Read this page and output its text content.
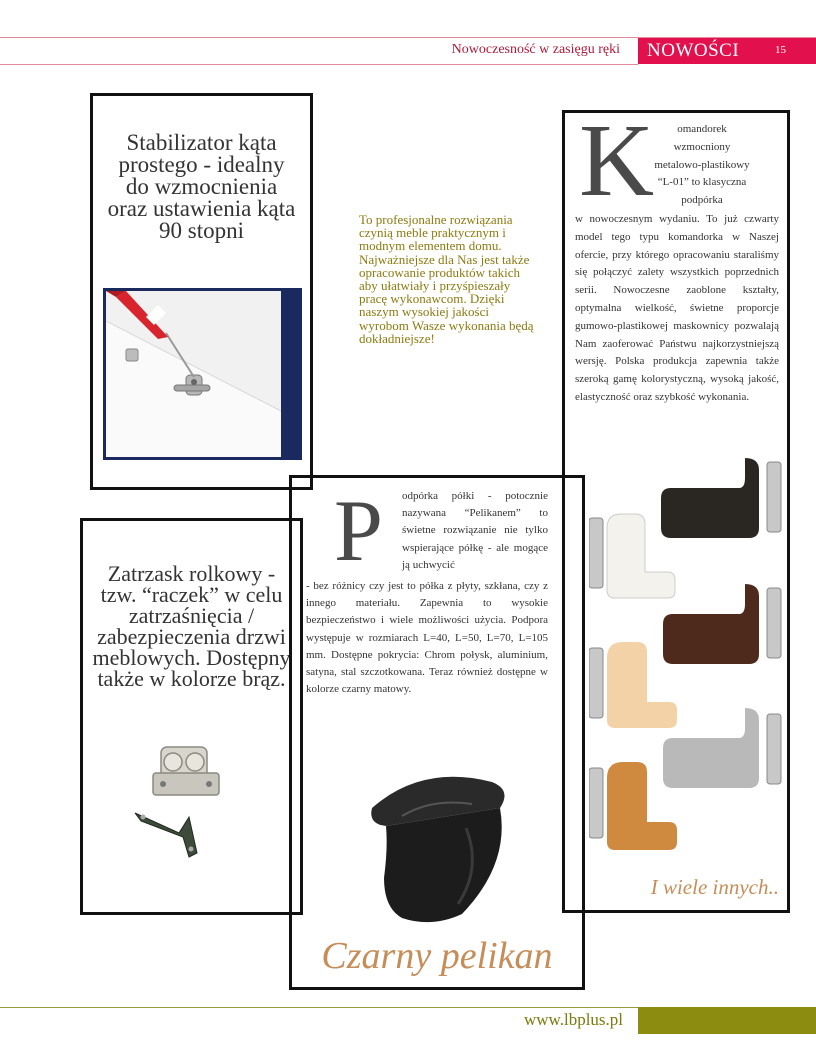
Nowoczesność w zasięgu ręki NOWOŚCI	15
Stabilizator kąta prostego - idealny do wzmocnienia oraz ustawienia kąta 90 stopni	To profesjonalne rozwiązania czynią meble praktycznym i modnym elementem domu. Najważniejsze dla Nas jest także opracowanie produktów takich aby ułatwiały i przyśpieszały pracę wykonawcom. Dzięki naszym wysokiej jakości wyrobom Wasze wykonania będą dokładniejsze!
Zatrzask rolkowy - tzw. “raczek” w celu zatrzaśnięcia / zabezpieczenia drzwi meblowych. Dostępny także w kolorze brąz.
P odpórka półki - potocznie nazywana “Pelikanem” to świetne rozwiązanie nie tylko wspierające półkę - ale mogące ją uchwycić
- bez różnicy czy jest to półka z płyty, szkłana, czy z innego materiału. Zapewnia to wysokie bezpieczeństwo i wiele możliwości użycia. Podpora występuje w rozmiarach L=40, L=50, L=70, L=105 mm. Dostępne pokrycia: Chrom połysk, aluminium, satyna, stal szczotkowana. Teraz również dostępne w kolorze czarny matowy.
Czarny pelikan
K	omandorek wzmocniony metalowo-plastikowy “L-01” to klasyczna podpórka
w nowoczesnym wydaniu. To już czwarty model tego typu komandorka w Naszej ofercie, przy którego opracowaniu staraliśmy się połączyć zalety wszystkich poprzednich serii. Nowoczesne zaoblone kształty, optymalna wielkość, świetne proporcje gumowo-plastikowej maskownicy pozwalają Nam zaoferować Państwu najkorzystniejszą wersję. Polska produkcja zapewnia także szeroką gamę kolorystyczną, wysoką jakość, elastyczność oraz szybkość wykonania.
I wiele innych..
www.lbplus.pl
